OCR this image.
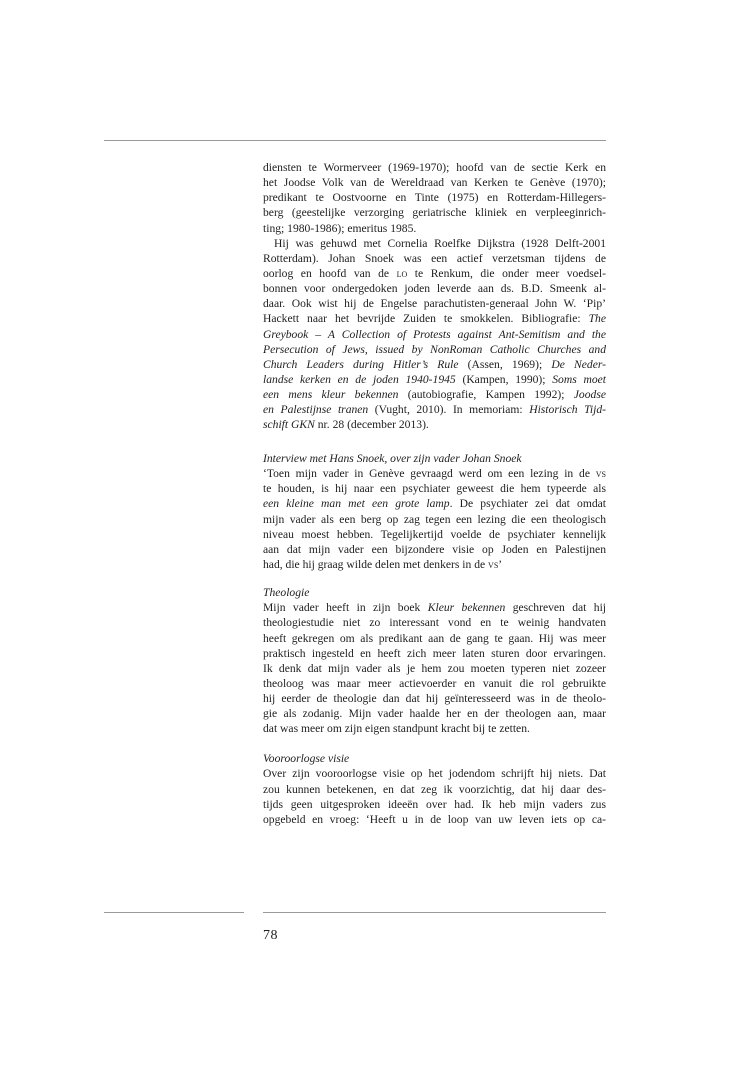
diensten te Wormerveer (1969-1970); hoofd van de sectie Kerk en
het Joodse Volk van de Wereldraad van Kerken te Genève (1970);
predikant te Oostvoorne en Tinte (1975) en Rotterdam-Hillegers-
berg (geestelijke verzorging geriatrische kliniek en verpleeginrich-
ting; 1980-1986); emeritus 1985.
Hij was gehuwd met Cornelia Roelfke Dijkstra (1928 Delft-2001
Rotterdam). Johan Snoek was een actief verzetsman tijdens de
oorlog en hoofd van de lo te Renkum, die onder meer voedsel-
bonnen voor ondergedoken joden leverde aan ds. B.D. Smeenk al-
daar. Ook wist hij de Engelse parachutisten-generaal John W. ‘Pip’
Hackett naar het bevrijde Zuiden te smokkelen. Bibliografie: The
Greybook – A Collection of Protests against Ant-Semitism and the
Persecution of Jews, issued by NonRoman Catholic Churches and
Church Leaders during Hitler’s Rule (Assen, 1969); De Neder-
landse kerken en de joden 1940-1945 (Kampen, 1990); Soms moet
een mens kleur bekennen (autobiografie, Kampen 1992); Joodse
en Palestijnse tranen (Vught, 2010). In memoriam: Historisch Tijd-
schift GKN nr. 28 (december 2013).
Interview met Hans Snoek, over zijn vader Johan Snoek
‘Toen mijn vader in Genève gevraagd werd om een lezing in de vs
te houden, is hij naar een psychiater geweest die hem typeerde als
een kleine man met een grote lamp. De psychiater zei dat omdat
mijn vader als een berg op zag tegen een lezing die een theologisch
niveau moest hebben. Tegelijkertijd voelde de psychiater kennelijk
aan dat mijn vader een bijzondere visie op Joden en Palestijnen
had, die hij graag wilde delen met denkers in de vs’
Theologie
Mijn vader heeft in zijn boek Kleur bekennen geschreven dat hij
theologiestudie niet zo interessant vond en te weinig handvaten
heeft gekregen om als predikant aan de gang te gaan. Hij was meer
praktisch ingesteld en heeft zich meer laten sturen door ervaringen.
Ik denk dat mijn vader als je hem zou moeten typeren niet zozeer
theoloog was maar meer actievoerder en vanuit die rol gebruikte
hij eerder de theologie dan dat hij geïnteresseerd was in de theolo-
gie als zodanig. Mijn vader haalde her en der theologen aan, maar
dat was meer om zijn eigen standpunt kracht bij te zetten.
Vooroorlogse visie
Over zijn vooroorlogse visie op het jodendom schrijft hij niets. Dat
zou kunnen betekenen, en dat zeg ik voorzichtig, dat hij daar des-
tijds geen uitgesproken ideeën over had. Ik heb mijn vaders zus
opgebeld en vroeg: ‘Heeft u in de loop van uw leven iets op ca-
78
